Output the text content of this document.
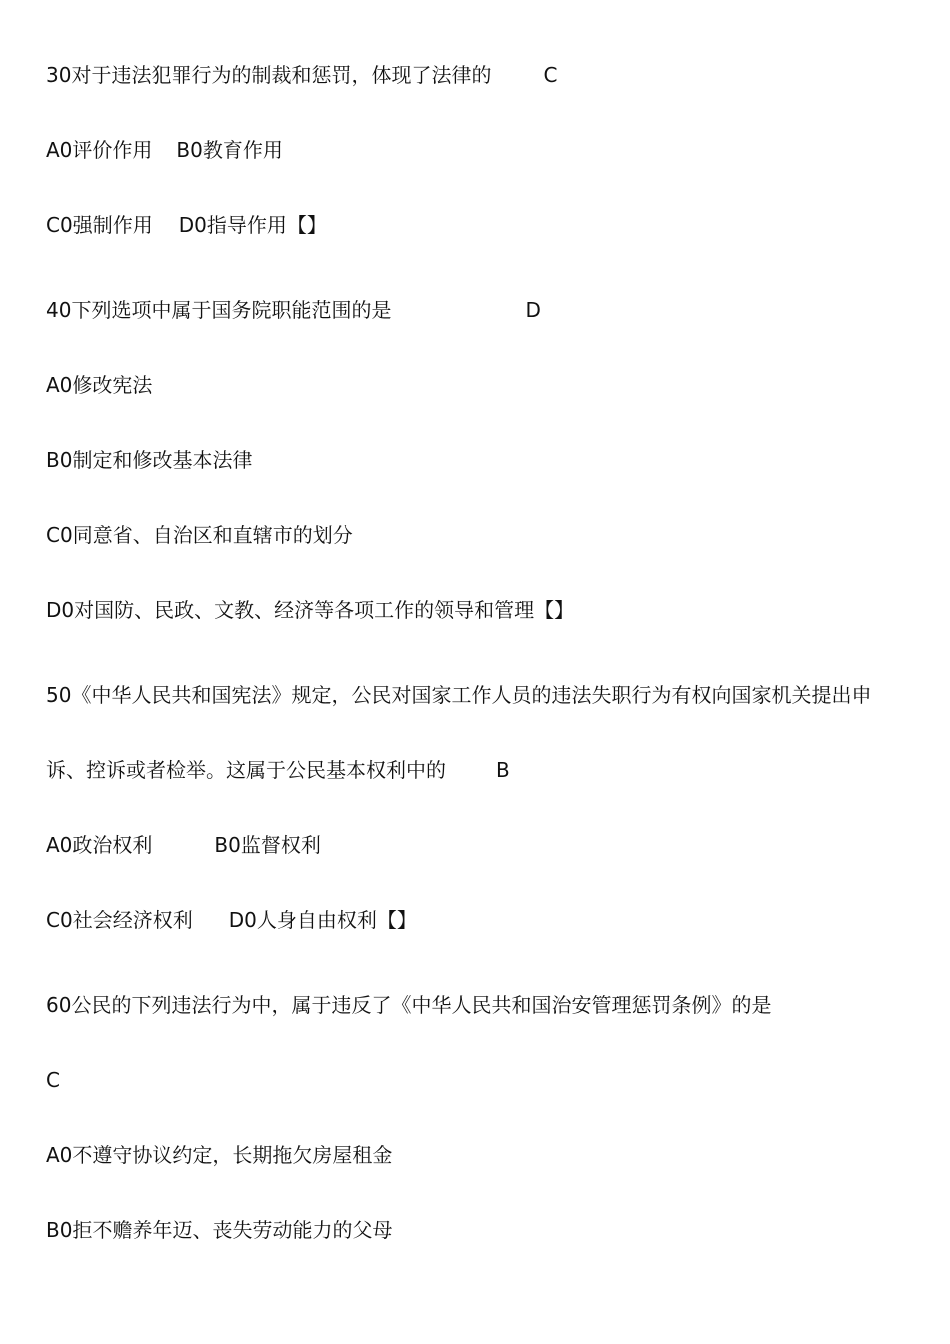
30对于违法犯罪行为的制裁和惩罚，体现了法律的	C
A0评价作用 B0教育作用
C0强制作用 D0指导作用【】
40下列选项中属于国务院职能范围的是	D
A0修改宪法
B0制定和修改基本法律
C0同意省、自治区和直辖市的划分
D0对国防、民政、文教、经济等各项工作的领导和管理【】
50《中华人民共和国宪法》规定，公民对国家工作人员的违法失职行为有权向国家机关提出申
诉、控诉或者检举。这属于公民基本权利中的	B
A0政治权利	B0监督权利
C0社会经济权利 D0人身自由权利【】
60公民的下列违法行为中，属于违反了《中华人民共和国治安管理惩罚条例》的是
C
A0不遵守协议约定，长期拖欠房屋租金
B0拒不赡养年迈、丧失劳动能力的父母
